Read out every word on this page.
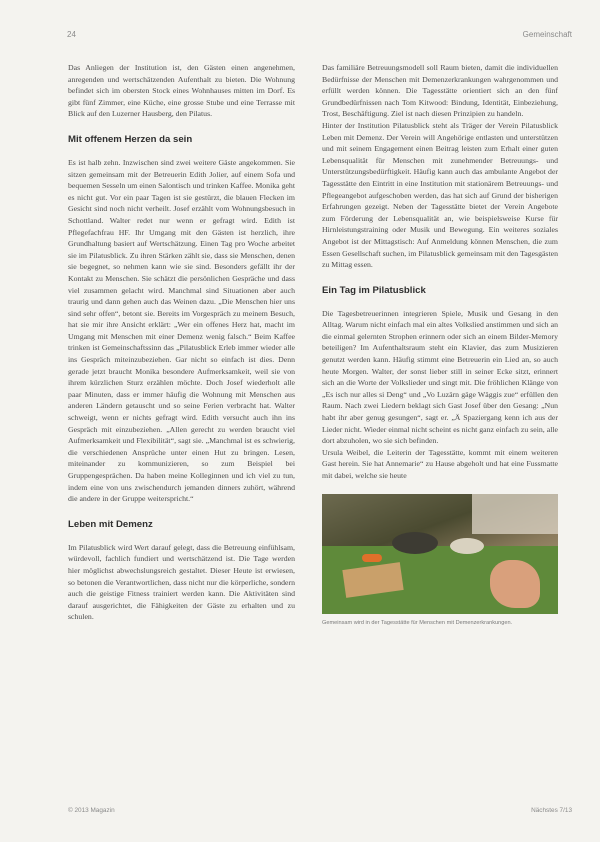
24	Gemeinschaft

Das Anliegen der Institution ist, den Gästen einen angenehmen, anregenden und wertschätzenden Aufenthalt zu bieten. Die Wohnung befindet sich im obersten Stock eines Wohnhauses mitten im Dorf. Es gibt fünf Zimmer, eine Küche, eine grosse Stube und eine Terrasse mit Blick auf den Luzerner Hausberg, den Pilatus.

Mit offenem Herzen da sein

Es ist halb zehn. Inzwischen sind zwei weitere Gäste angekommen. Sie sitzen gemeinsam mit der Betreuerin Edith Jolier, auf einem Sofa und bequemen Sesseln um einen Salontisch und trinken Kaffee. Monika geht es nicht gut. Vor ein paar Tagen ist sie gestürzt, die blauen Flecken im Gesicht sind noch nicht verheilt. Josef erzählt vom Wohnungsbesuch in Schottland. Walter redet nur wenn er gefragt wird. Edith ist Pflegefachfrau HF. Ihr Umgang mit den Gästen ist herzlich, ihre Grundhaltung basiert auf Wertschätzung. Einen Tag pro Woche arbeitet sie im Pilatusblick. Zu ihren Stärken zählt sie, dass sie Menschen, denen sie begegnet, so nehmen kann wie sie sind. Besonders gefällt ihr der Kontakt zu Menschen. Sie schätzt die persönlichen Gespräche und dass viel zusammen gelacht wird. Manchmal sind Situationen aber auch traurig und dann gehen auch das Weinen dazu. „Die Menschen hier uns sind sehr offen“, betont sie. Bereits im Vorgespräch zu meinem Besuch, hat sie mir ihre Ansicht erklärt: „Wer ein offenes Herz hat, macht im Umgang mit Menschen mit einer Demenz wenig falsch.“ Beim Kaffee trinken ist Gemeinschaftssinn das „Pilatusblick Erleb immer wieder alle ins Gespräch miteinzubeziehen. Gar nicht so einfach ist dies. Denn gerade jetzt braucht Monika besondere Aufmerksamkeit, weil sie von ihrem kürzlichen Sturz erzählen möchte. Doch Josef wiederholt alle paar Minuten, dass er immer häufig die Wohnung mit Menschen aus anderen Ländern getauscht und so seine Ferien verbracht hat. Walter schweigt, wenn er nichts gefragt wird. Edith versucht auch ihn ins Gespräch mit einzubeziehen. „Allen gerecht zu werden braucht viel Aufmerksamkeit und Flexibilität“, sagt sie. „Manchmal ist es schwierig, die verschiedenen Ansprüche unter einen Hut zu bringen. Lesen, miteinander zu kommunizieren, so zum Beispiel bei Gruppengesprächen. Da haben meine Kolleginnen und ich viel zu tun, indem eine von uns zwischendurch jemanden dinners zuhört, während die andere in der Gruppe weiterspricht.“

Leben mit Demenz

Im Pilatusblick wird Wert darauf gelegt, dass die Betreuung einfühlsam, würdevoll, fachlich fundiert und wertschätzend ist. Die Tage werden hier möglichst abwechslungsreich gestaltet. Dieser Heute ist erwiesen, so betonen die Verantwortlichen, dass nicht nur die körperliche, sondern auch die geistige Fitness trainiert werden kann. Die Aktivitäten sind darauf ausgerichtet, die Fähigkeiten der Gäste zu erhalten und zu schulen.

Das familiäre Betreuungsmodell soll Raum bieten, damit die individuellen Bedürfnisse der Menschen mit Demenzerkrankungen wahrgenommen und erfüllt werden können. Die Tagesstätte orientiert sich an den fünf Grundbedürfnissen nach Tom Kitwood: Bindung, Identität, Einbeziehung, Trost, Beschäftigung. Ziel ist nach diesen Prinzipien zu handeln.

Hinter der Institution Pilatusblick steht als Träger der Verein Pilatusblick Leben mit Demenz. Der Verein will Angehörige entlasten und unterstützen und mit seinem Engagement einen Beitrag leisten zum Erhalt einer guten Lebensqualität für Menschen mit zunehmender Betreuungs- und Unterstützungsbedürftigkeit. Häufig kann auch das ambulante Angebot der Tagesstätte den Eintritt in eine Institution mit stationärem Betreuungs- und Pflegeangebot aufgeschoben werden, das hat sich auf Grund der bisherigen Erfahrungen gezeigt. Neben der Tagesstätte bietet der Verein Angebote zum Förderung der Lebensqualität an, wie beispielsweise Kurse für Hirnleistungstraining oder Musik und Bewegung. Ein weiteres soziales Angebot ist der Mittagstisch: Auf Anmeldung können Menschen, die zum Essen Gesellschaft suchen, im Pilatusblick gemeinsam mit den Tagesgästen zu Mittag essen.

Ein Tag im Pilatusblick

Die Tagesbetreuerinnen integrieren Spiele, Musik und Gesang in den Alltag. Warum nicht einfach mal ein altes Volkslied anstimmen und sich an die einmal gelernten Strophen erinnern oder sich an einem Bilder-Memory beteiligen? Im Aufenthaltsraum steht ein Klavier, das zum Musizieren genutzt werden kann. Häufig stimmt eine Betreuerin ein Lied an, so auch heute Morgen. Walter, der sonst lieber still in seiner Ecke sitzt, erinnert sich an die Worte der Volkslieder und singt mit. Die fröhlichen Klänge von „Es isch nur alles si Deng“ und „Vo Luzärn gäge Wäggis zue“ erfüllen den Raum. Nach zwei Liedern beklagt sich Gast Josef über den Gesang: „Nun habt ihr aber genug gesungen“, sagt er. „Ä Spaziergang kenn ich aus der Lieder nicht. Wieder einmal nicht scheint es nicht ganz einfach zu sein, alle dort abzuholen, wo sie sich befinden.

Ursula Weibel, die Leiterin der Tagesstätte, kommt mit einem weiteren Gast herein. Sie hat Annemarie“ zu Hause abgeholt und hat eine Fussmatte mit dabei, welche sie heute

Gemeinsam wird in der Tagesstätte für Menschen mit Demenzerkrankungen.

© 2013 Magazin	Nächstes 7/13
